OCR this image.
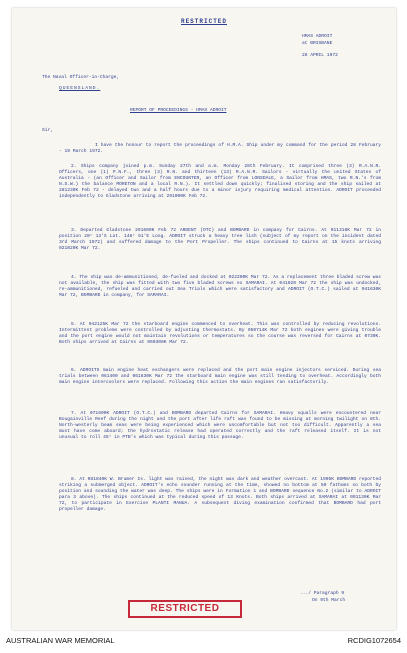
RESTRICTED
HMAS ADROIT
at BRISBANE
28 APRIL 1972
The Naval Officer-in-Charge,
QUEENSLAND.
REPORT OF PROCEEDINGS - HMAS ADROIT
Sir,
I have the honour to report the proceedings of H.M.A. Ship under my command for the period 28 February - 19 March 1972.
2. Ships company joined p.m. Sunday 27th and a.m. Monday 28th February. It comprised three (3) R.A.N.R. Officers, one (1) P.N.F., three (3) R.N. and thirteen (13) R.A.N.R. Sailors - virtually the united States of Australia - (an Officer and Sailor from ENCOUNTER, an Officer from LONSDALE, a Sailor from HMAS, two R.N.'s from N.S.W.) the balance MORETON and a local R.N.). It settled down quickly; finalised storing and the ship sailed at 281230K Feb 72 - delayed two and a half hours due to a minor injury requiring medical attention. ADROIT proceeded independently to Gladstone arriving at 291000K Feb 72.
3. Departed Gladstone 291600K Feb 72 ARDENT (OTC) and BOMBARD in company for Cairns. At 011318K Mar 72 in position 20° 13'S Lat. 148° 51'E Long. ADROIT struck a heavy tree lish (subject of my report on the incident dated 3rd March 1972) and suffered damage to the Port Propeller. The ships continued to Cairns at 15 knots arriving 021020K Mar 72.
4. The ship was de-ammunitioned, de-fueled and docked at 022200K Mar 72. As a replacement three bladed screw was not available, the ship was fitted with two five bladed screws ex SAMARAI. At 041020 Mar 72 the ship was undocked, re-ammunitioned, refueled and carried out Sea Trials which were satisfactory and ADROIT (O.T.C.) sailed at 041630K Mar 72, BOMBARD in company, for SAMARAI.
5. At 042125K Mar 72 the starboard engine commenced to overheat. This was controlled by reducing revolutions. Intermittent problems were controlled by adjusting thermostats. By 050714K Mar 72 both engines were giving trouble and the port engine would not maintain revolutions or temperatures so the course was reversed for Cairns at 0730K. Both ships arrived at Cairns at 060300K Mar 72.
6. ADROITS main engine heat exchangers were replaced and the port main engine injectors serviced. During sea trials between 061400 and 061630K Mar 72 the starboard main engine was still tending to overheat. Accordingly both main engine intercoolers were replaced. Following this action the main engines ran satisfactorily.
7. At 071600K ADROIT (O.T.C.) and BOMBARD departed Cairns for SAMARAI. Heavy squalls were encountered near Bougainville Reef during the night and the port after life raft was found to be missing at morning twilight on 8th. North-westerly beam seas were being experienced which were uncomfortable but not too difficult. Apparently a sea must have come aboard; the hydrostatic release had operated correctly and the raft released itself. It is not unusual to roll 45° in PTB's which was typical during this passage.
8. At 081840K W. Brumer Is. light was raised, the night was dark and weather overcast. At 1905K BOMBARD reported striking a submerged object. ADROIT's echo sounder running at the time, showed no bottom at 50 fathoms so both by position and sounding the water was deep. The ships were in Formation 1 and BOMBARD sequence No.2 (similar to ADROIT para 3 above). The ships continued at the reduced speed of 13 Knots. Both ships arrived at SAMARAI at 091130K Mar 72, to participate in Exercise PLANTI MANUA. A subsequent diving examination confirmed that BOMBARD had port propeller damage.
.../ Paragraph 9
On 9th March
RESTRICTED
AUSTRALIAN WAR MEMORIAL	RCDIG1072654
